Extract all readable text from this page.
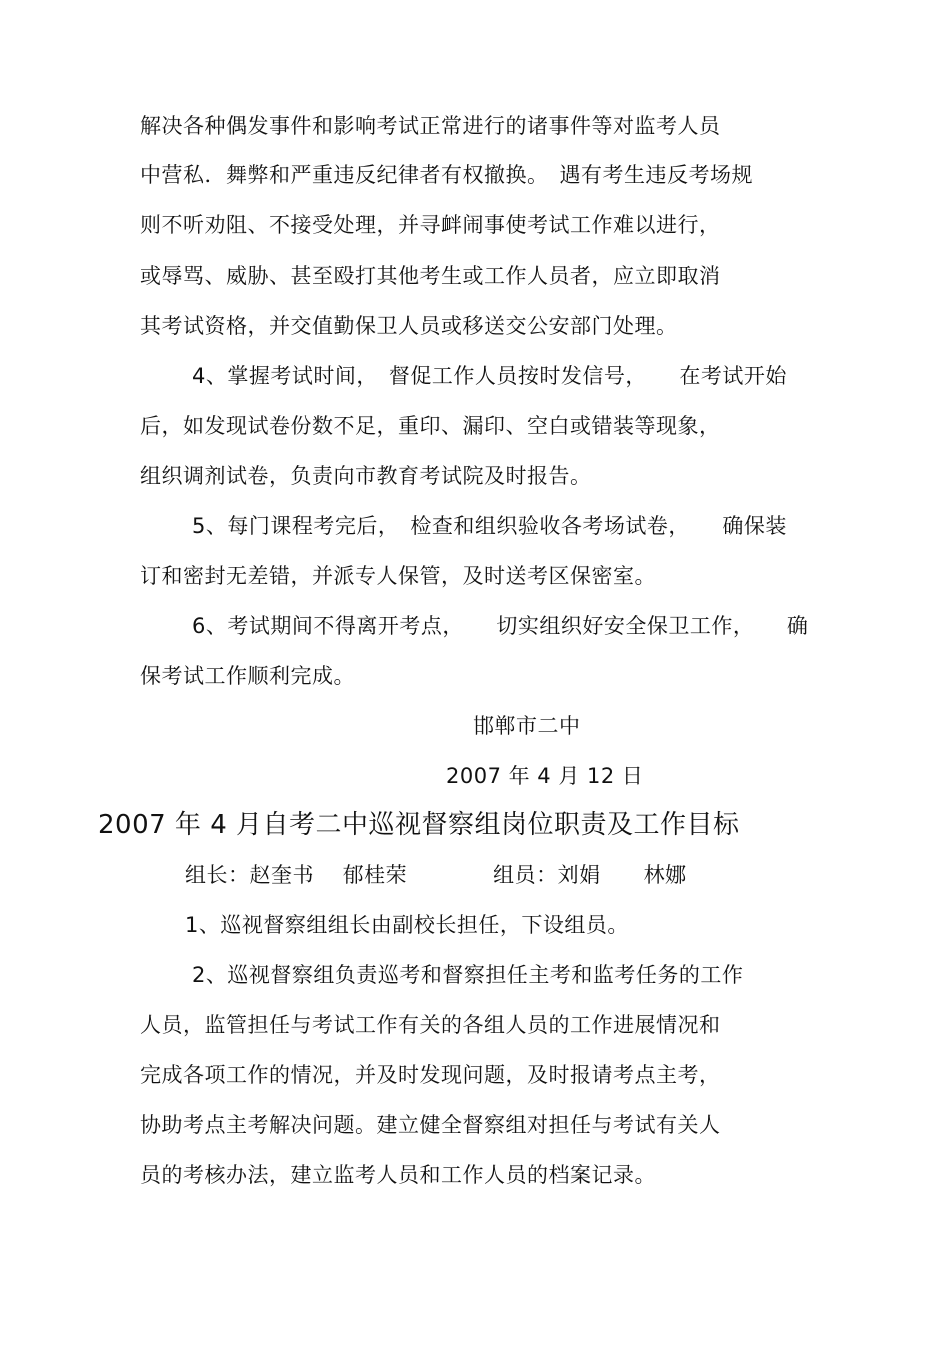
解决各种偶发事件和影响考试正常进行的诸事件等对监考人员
中营私．舞弊和严重违反纪律者有权撤换。　遇有考生违反考场规
则不听劝阻、不接受处理，并寻衅闹事使考试工作难以进行，
或辱骂、威胁、甚至殴打其他考生或工作人员者，应立即取消
其考试资格，并交值勤保卫人员或移送交公安部门处理。
4、掌握考试时间，　督促工作人员按时发信号，　　在考试开始
后，如发现试卷份数不足，重印、漏印、空白或错装等现象，
组织调剂试卷，负责向市教育考试院及时报告。
5、每门课程考完后，　检查和组织验收各考场试卷，　　确保装
订和密封无差错，并派专人保管，及时送考区保密室。
6、考试期间不得离开考点，　　切实组织好安全保卫工作，　　确
保考试工作顺利完成。
邯郸市二中
2007 年 4 月 12 日
2007 年 4 月自考二中巡视督察组岗位职责及工作目标
组长：赵奎书　 郁桂荣　　　　组员：刘娟　　林娜
1、巡视督察组组长由副校长担任，下设组员。
2、巡视督察组负责巡考和督察担任主考和监考任务的工作
人员，监管担任与考试工作有关的各组人员的工作进展情况和
完成各项工作的情况，并及时发现问题，及时报请考点主考，
协助考点主考解决问题。建立健全督察组对担任与考试有关人
员的考核办法，建立监考人员和工作人员的档案记录。
